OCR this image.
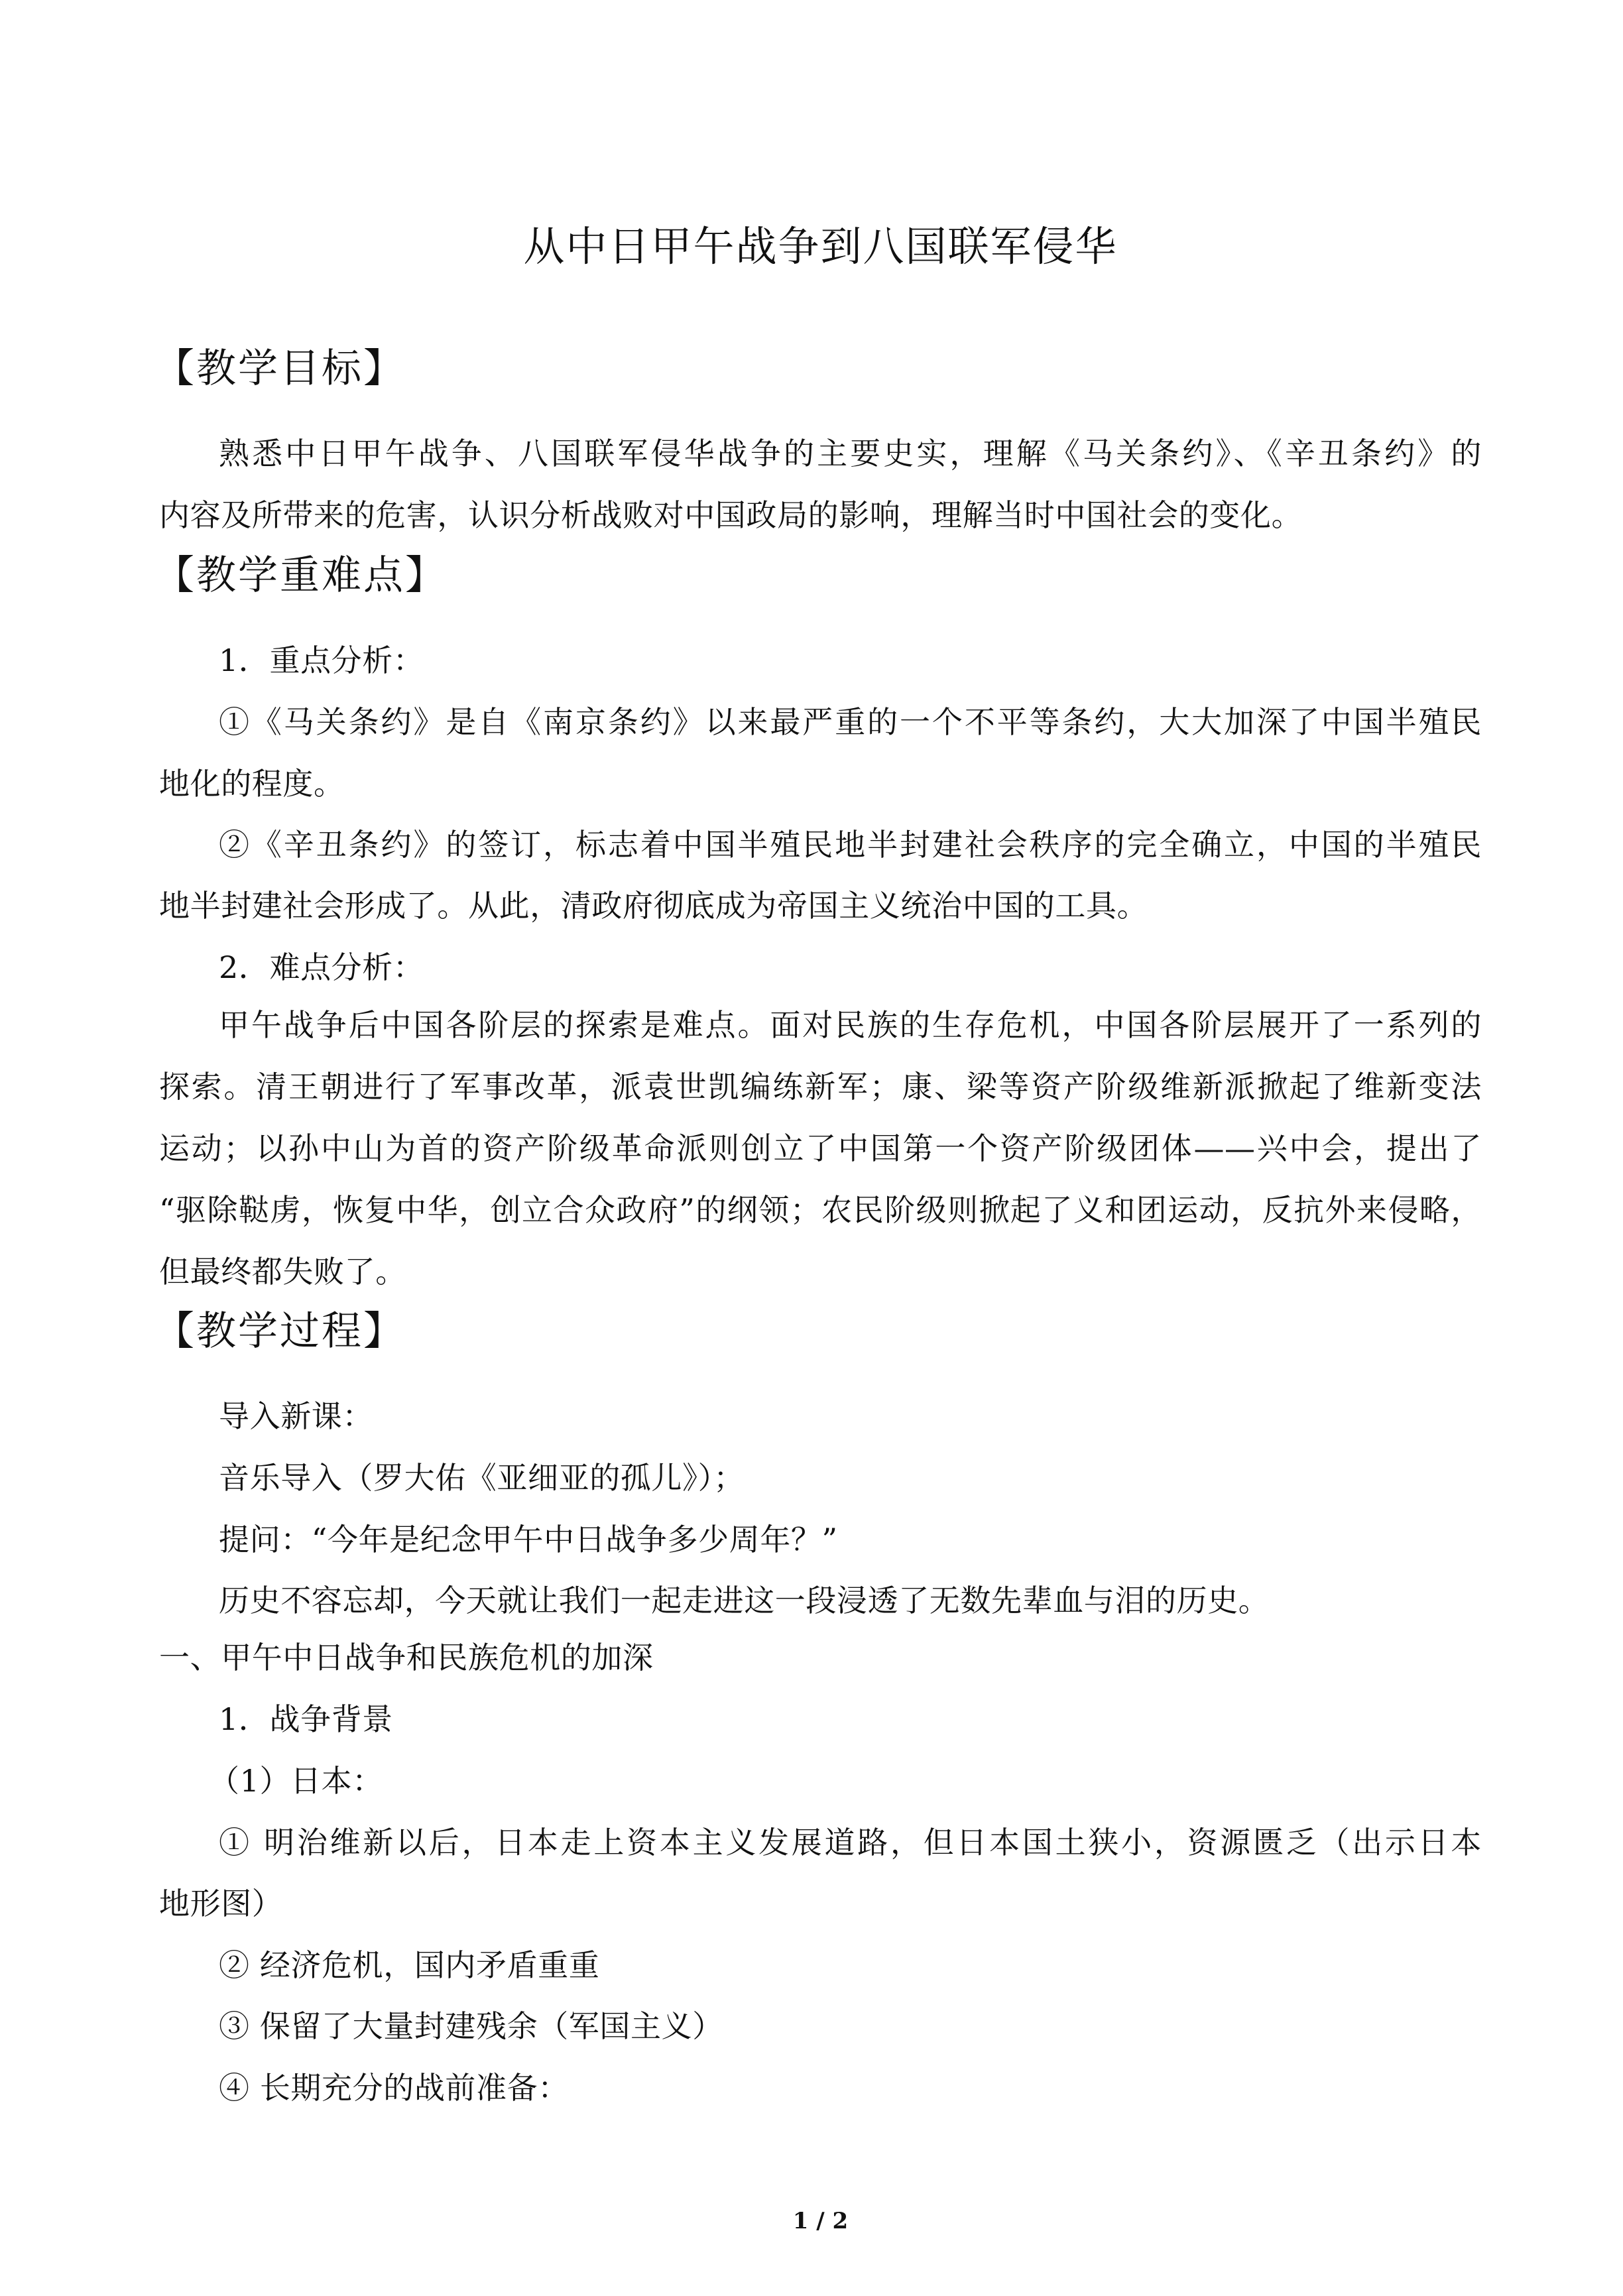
从中日甲午战争到八国联军侵华
【教学目标】
熟悉中日甲午战争、八国联军侵华战争的主要史实，理解《马关条约》、《辛丑条约》的
内容及所带来的危害，认识分析战败对中国政局的影响，理解当时中国社会的变化。
【教学重难点】
1．重点分析：
①《马关条约》是自《南京条约》以来最严重的一个不平等条约，大大加深了中国半殖民
地化的程度。
②《辛丑条约》的签订，标志着中国半殖民地半封建社会秩序的完全确立，中国的半殖民
地半封建社会形成了。从此，清政府彻底成为帝国主义统治中国的工具。
2．难点分析：
甲午战争后中国各阶层的探索是难点。面对民族的生存危机，中国各阶层展开了一系列的
探索。清王朝进行了军事改革，派袁世凯编练新军；康、梁等资产阶级维新派掀起了维新变法
运动；以孙中山为首的资产阶级革命派则创立了中国第一个资产阶级团体——兴中会，提出了
“驱除鞑虏，恢复中华，创立合众政府”的纲领；农民阶级则掀起了义和团运动，反抗外来侵略，
但最终都失败了。
【教学过程】
导入新课：
音乐导入（罗大佑《亚细亚的孤儿》）；
提问：“今年是纪念甲午中日战争多少周年？”
历史不容忘却，今天就让我们一起走进这一段浸透了无数先辈血与泪的历史。
一、甲午中日战争和民族危机的加深
1．战争背景
（1）日本：
① 明治维新以后，日本走上资本主义发展道路，但日本国土狭小，资源匮乏（出示日本
地形图）
② 经济危机，国内矛盾重重
③ 保留了大量封建残余（军国主义）
④ 长期充分的战前准备：
1 / 2
